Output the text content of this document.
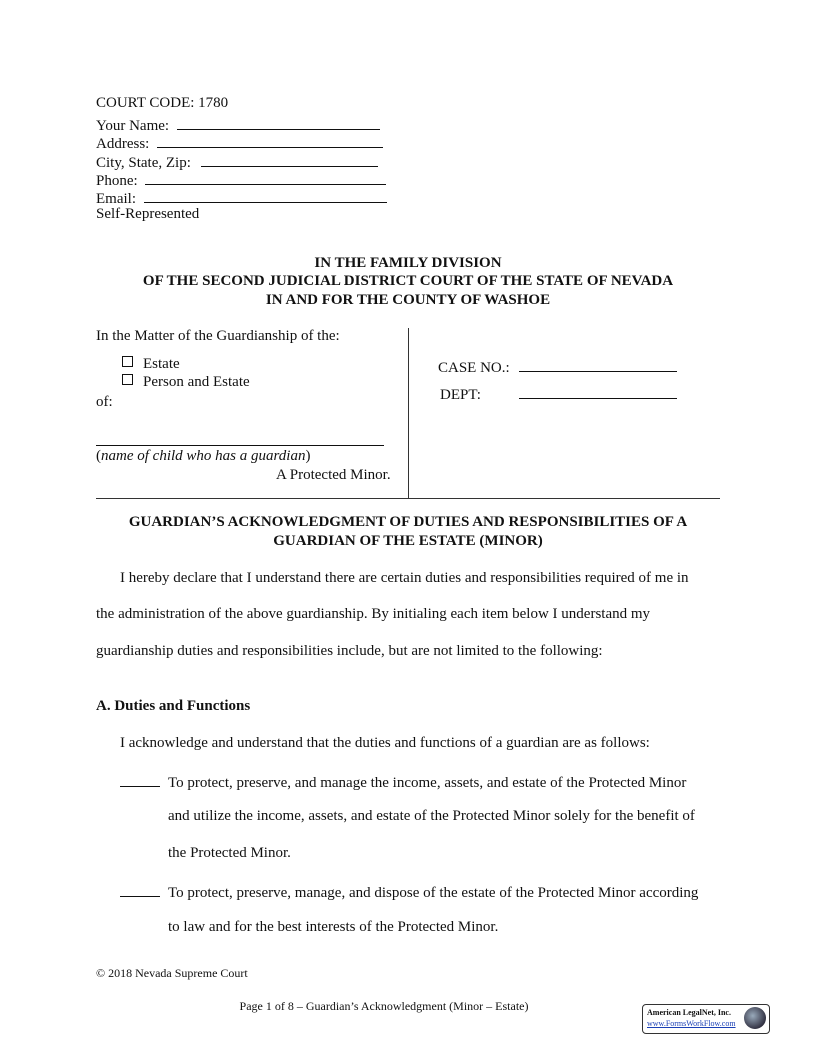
COURT CODE: 1780
Your Name:
Address:
City, State, Zip:
Phone:
Email:
Self-Represented
IN THE FAMILY DIVISION
OF THE SECOND JUDICIAL DISTRICT COURT OF THE STATE OF NEVADA
IN AND FOR THE COUNTY OF WASHOE
In the Matter of the Guardianship of the:
Estate
Person and Estate
of:
(name of child who has a guardian)
A Protected Minor.
CASE NO.:
DEPT:
GUARDIAN’S ACKNOWLEDGMENT OF DUTIES AND RESPONSIBILITIES OF A
GUARDIAN OF THE ESTATE (MINOR)
I hereby declare that I understand there are certain duties and responsibilities required of me in
the administration of the above guardianship. By initialing each item below I understand my
guardianship duties and responsibilities include, but are not limited to the following:
A. Duties and Functions
I acknowledge and understand that the duties and functions of a guardian are as follows:
To protect, preserve, and manage the income, assets, and estate of the Protected Minor
and utilize the income, assets, and estate of the Protected Minor solely for the benefit of
the Protected Minor.
To protect, preserve, manage, and dispose of the estate of the Protected Minor according
to law and for the best interests of the Protected Minor.
© 2018 Nevada Supreme Court
Page 1 of 8 – Guardian’s Acknowledgment (Minor – Estate)	American LegalNet, Inc.
www.FormsWorkFlow.com
